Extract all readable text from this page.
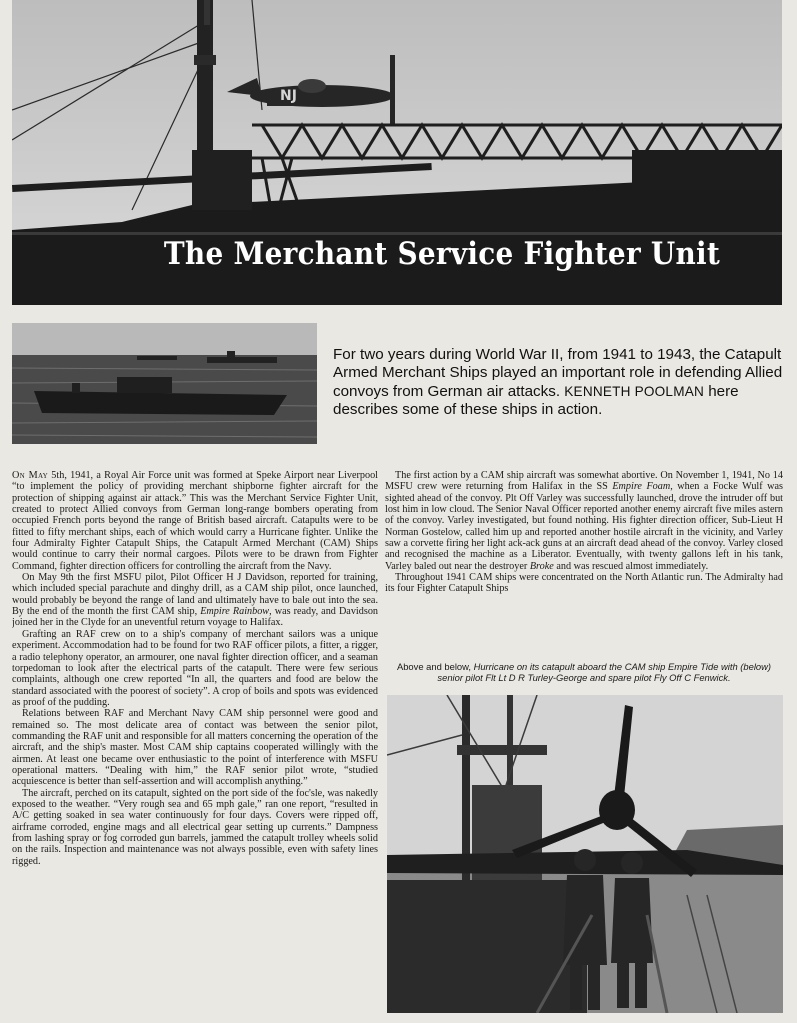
NJ
The Merchant Service Fighter Unit
For two years during World War II, from 1941 to 1943, the Catapult Armed Merchant Ships played an important role in defending Allied convoys from German air attacks. KENNETH POOLMAN here describes some of these ships in action.

On May 5th, 1941, a Royal Air Force unit was formed at Speke Airport near Liverpool “to implement the policy of providing merchant shipborne fighter aircraft for the protection of shipping against air attack.” This was the Merchant Service Fighter Unit, created to protect Allied convoys from German long-range bombers operating from occupied French ports beyond the range of British based aircraft. Catapults were to be fitted to fifty merchant ships, each of which would carry a Hurricane fighter. Unlike the four Admiralty Fighter Catapult Ships, the Catapult Armed Merchant (CAM) Ships would continue to carry their normal cargoes. Pilots were to be drawn from Fighter Command, fighter direction officers for controlling the aircraft from the Navy.

On May 9th the first MSFU pilot, Pilot Officer H J Davidson, reported for training, which included special parachute and dinghy drill, as a CAM ship pilot, once launched, would probably be beyond the range of land and ultimately have to bale out into the sea. By the end of the month the first CAM ship, Empire Rainbow, was ready, and Davidson joined her in the Clyde for an uneventful return voyage to Halifax.

Grafting an RAF crew on to a ship's company of merchant sailors was a unique experiment. Accommodation had to be found for two RAF officer pilots, a fitter, a rigger, a radio telephony operator, an armourer, one naval fighter direction officer, and a seaman torpedoman to look after the electrical parts of the catapult. There were few serious complaints, although one crew reported “In all, the quarters and food are below the standard associated with the poorest of society”. A crop of boils and spots was evidenced as proof of the pudding.

Relations between RAF and Merchant Navy CAM ship personnel were good and remained so. The most delicate area of contact was between the senior pilot, commanding the RAF unit and responsible for all matters concerning the operation of the aircraft, and the ship's master. Most CAM ship captains cooperated willingly with the airmen. At least one became over enthusiastic to the point of interference with MSFU operational matters. “Dealing with him,” the RAF senior pilot wrote, “studied acquiescence is better than self-assertion and will accomplish anything.”

The aircraft, perched on its catapult, sighted on the port side of the foc'sle, was nakedly exposed to the weather. “Very rough sea and 65 mph gale,” ran one report, “resulted in A/C getting soaked in sea water continuously for four days. Covers were ripped off, airframe corroded, engine mags and all electrical gear setting up currents.” Dampness from lashing spray or fog corroded gun barrels, jammed the catapult trolley wheels solid on the rails. Inspection and maintenance was not always possible, even with safety lines rigged.

The first action by a CAM ship aircraft was somewhat abortive. On November 1, 1941, No 14 MSFU crew were returning from Halifax in the SS Empire Foam, when a Focke Wulf was sighted ahead of the convoy. Plt Off Varley was successfully launched, drove the intruder off but lost him in low cloud. The Senior Naval Officer reported another enemy aircraft five miles astern of the convoy. Varley investigated, but found nothing. His fighter direction officer, Sub-Lieut H Norman Gostelow, called him up and reported another hostile aircraft in the vicinity, and Varley saw a corvette firing her light ack-ack guns at an aircraft dead ahead of the convoy. Varley closed and recognised the machine as a Liberator. Eventually, with twenty gallons left in his tank, Varley baled out near the destroyer Broke and was rescued almost immediately.

Throughout 1941 CAM ships were concentrated on the North Atlantic run. The Admiralty had its four Fighter Catapult Ships

Above and below, Hurricane on its catapult aboard the CAM ship Empire Tide with (below) senior pilot Flt Lt D R Turley-George and spare pilot Fly Off C Fenwick.
